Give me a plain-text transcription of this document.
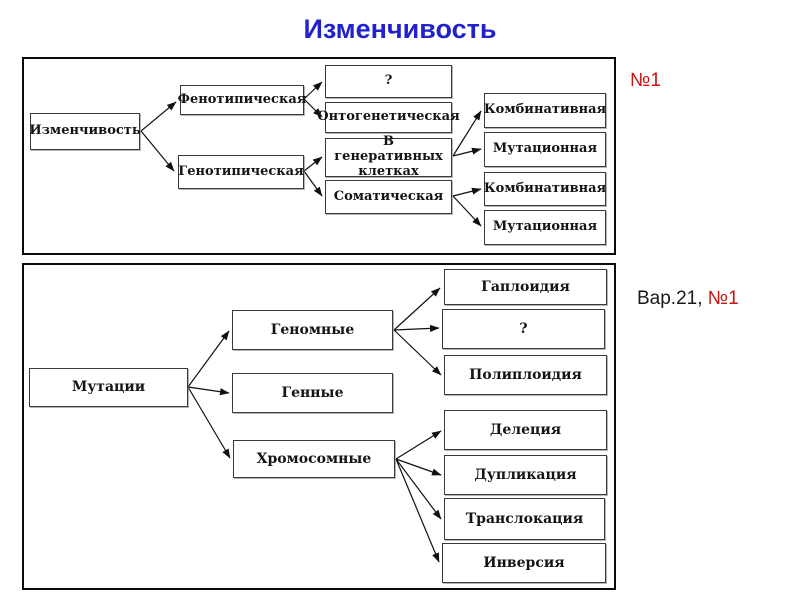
Изменчивость
Изменчивость
Фенотипическая
Генотипическая
?
Онтогенетическая
В генеративных клетках
Соматическая
Комбинативная
Мутационная
Комбинативная
Мутационная
№1
Мутации
Геномные
Генные
Хромосомные
Гаплоидия
?
Полиплоидия
Делеция
Дупликация
Транслокация
Инверсия
Вар.21, №1
